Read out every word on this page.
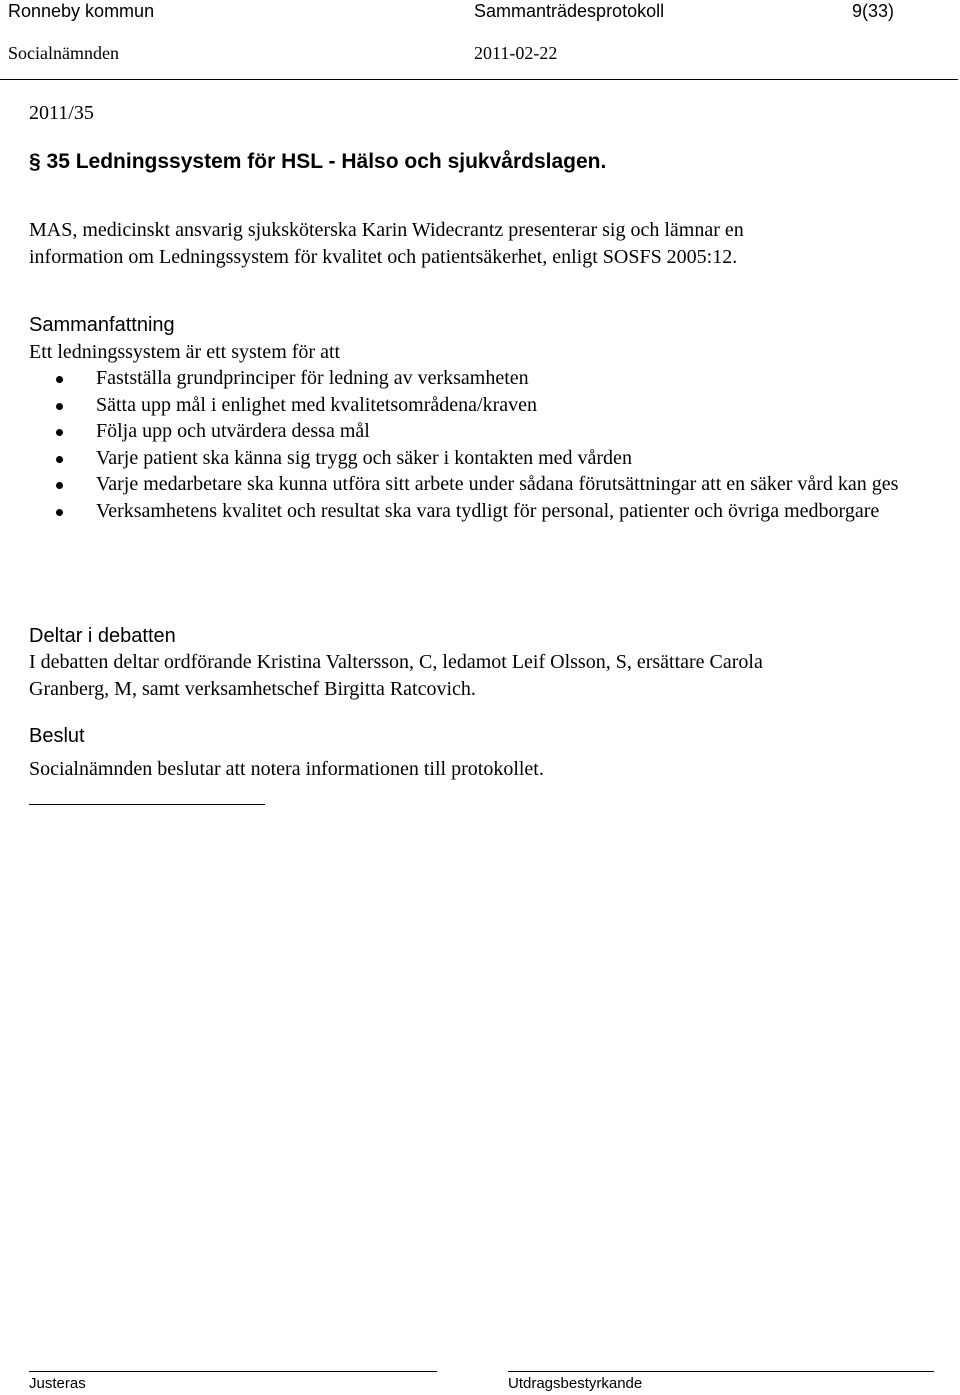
Ronneby kommun	Sammanträdesprotokoll	9(33)
Socialnämnden	2011-02-22
2011/35
§ 35 Ledningssystem för HSL - Hälso och sjukvårdslagen.
MAS, medicinskt ansvarig sjuksköterska Karin Widecrantz presenterar sig och lämnar en
information om Ledningssystem för kvalitet och patientsäkerhet, enligt SOSFS 2005:12.
Sammanfattning
Ett ledningssystem är ett system för att
Fastställa grundprinciper för ledning av verksamheten
Sätta upp mål i enlighet med kvalitetsområdena/kraven
Följa upp och utvärdera dessa mål
Varje patient ska känna sig trygg och säker i kontakten med vården
Varje medarbetare ska kunna utföra sitt arbete under sådana förutsättningar att en säker vård kan ges
Verksamhetens kvalitet och resultat ska vara tydligt för personal, patienter och övriga medborgare
Deltar i debatten
I debatten deltar ordförande Kristina Valtersson, C, ledamot Leif Olsson, S, ersättare Carola
Granberg, M, samt verksamhetschef Birgitta Ratcovich.
Beslut
Socialnämnden beslutar att notera informationen till protokollet.
Justeras	Utdragsbestyrkande
